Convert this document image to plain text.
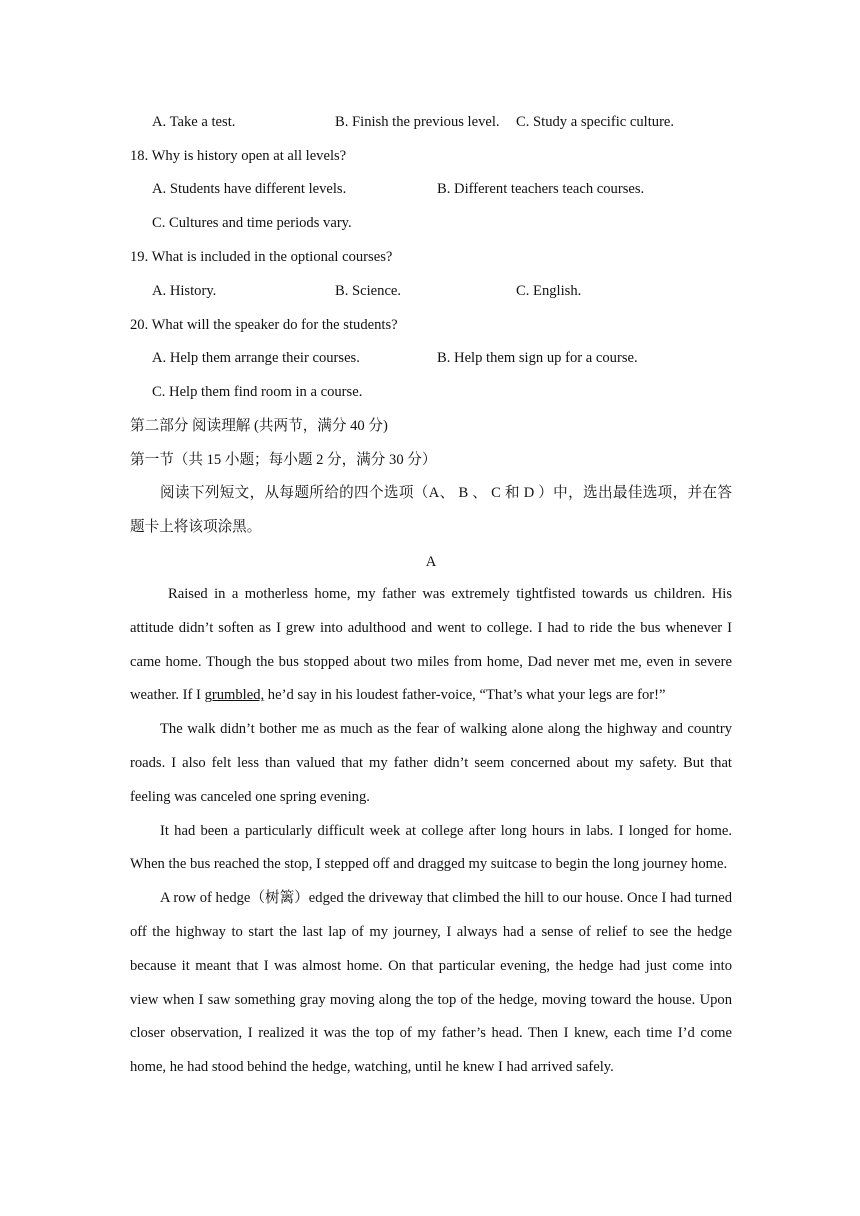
A. Take a test.	B. Finish the previous level. C. Study a specific culture.
18. Why is history open at all levels?
A. Students have different levels.	B. Different teachers teach courses.
C. Cultures and time periods vary.
19. What is included in the optional courses?
A. History.	B. Science.	C. English.
20. What will the speaker do for the students?
A. Help them arrange their courses.	B. Help them sign up for a course.
C. Help them find room in a course.
第二部分 阅读理解 (共两节，满分 40 分)
第一节（共 15 小题；每小题 2 分，满分 30 分）

阅读下列短文，从每题所给的四个选项（A、 B 、 C 和 D ）中，选出最佳选项，并在答题卡上将该项涂黑。

A

Raised in a motherless home, my father was extremely tightfisted towards us children. His attitude didn’t soften as I grew into adulthood and went to college. I had to ride the bus whenever I came home. Though the bus stopped about two miles from home, Dad never met me, even in severe weather. If I grumbled, he’d say in his loudest father-voice, “That’s what your legs are for!”

The walk didn’t bother me as much as the fear of walking alone along the highway and country roads. I also felt less than valued that my father didn’t seem concerned about my safety. But that feeling was canceled one spring evening.

It had been a particularly difficult week at college after long hours in labs. I longed for home. When the bus reached the stop, I stepped off and dragged my suitcase to begin the long journey home.

A row of hedge（树篱）edged the driveway that climbed the hill to our house. Once I had turned off the highway to start the last lap of my journey, I always had a sense of relief to see the hedge because it meant that I was almost home. On that particular evening, the hedge had just come into view when I saw something gray moving along the top of the hedge, moving toward the house. Upon closer observation, I realized it was the top of my father’s head. Then I knew, each time I’d come home, he had stood behind the hedge, watching, until he knew I had arrived safely.
